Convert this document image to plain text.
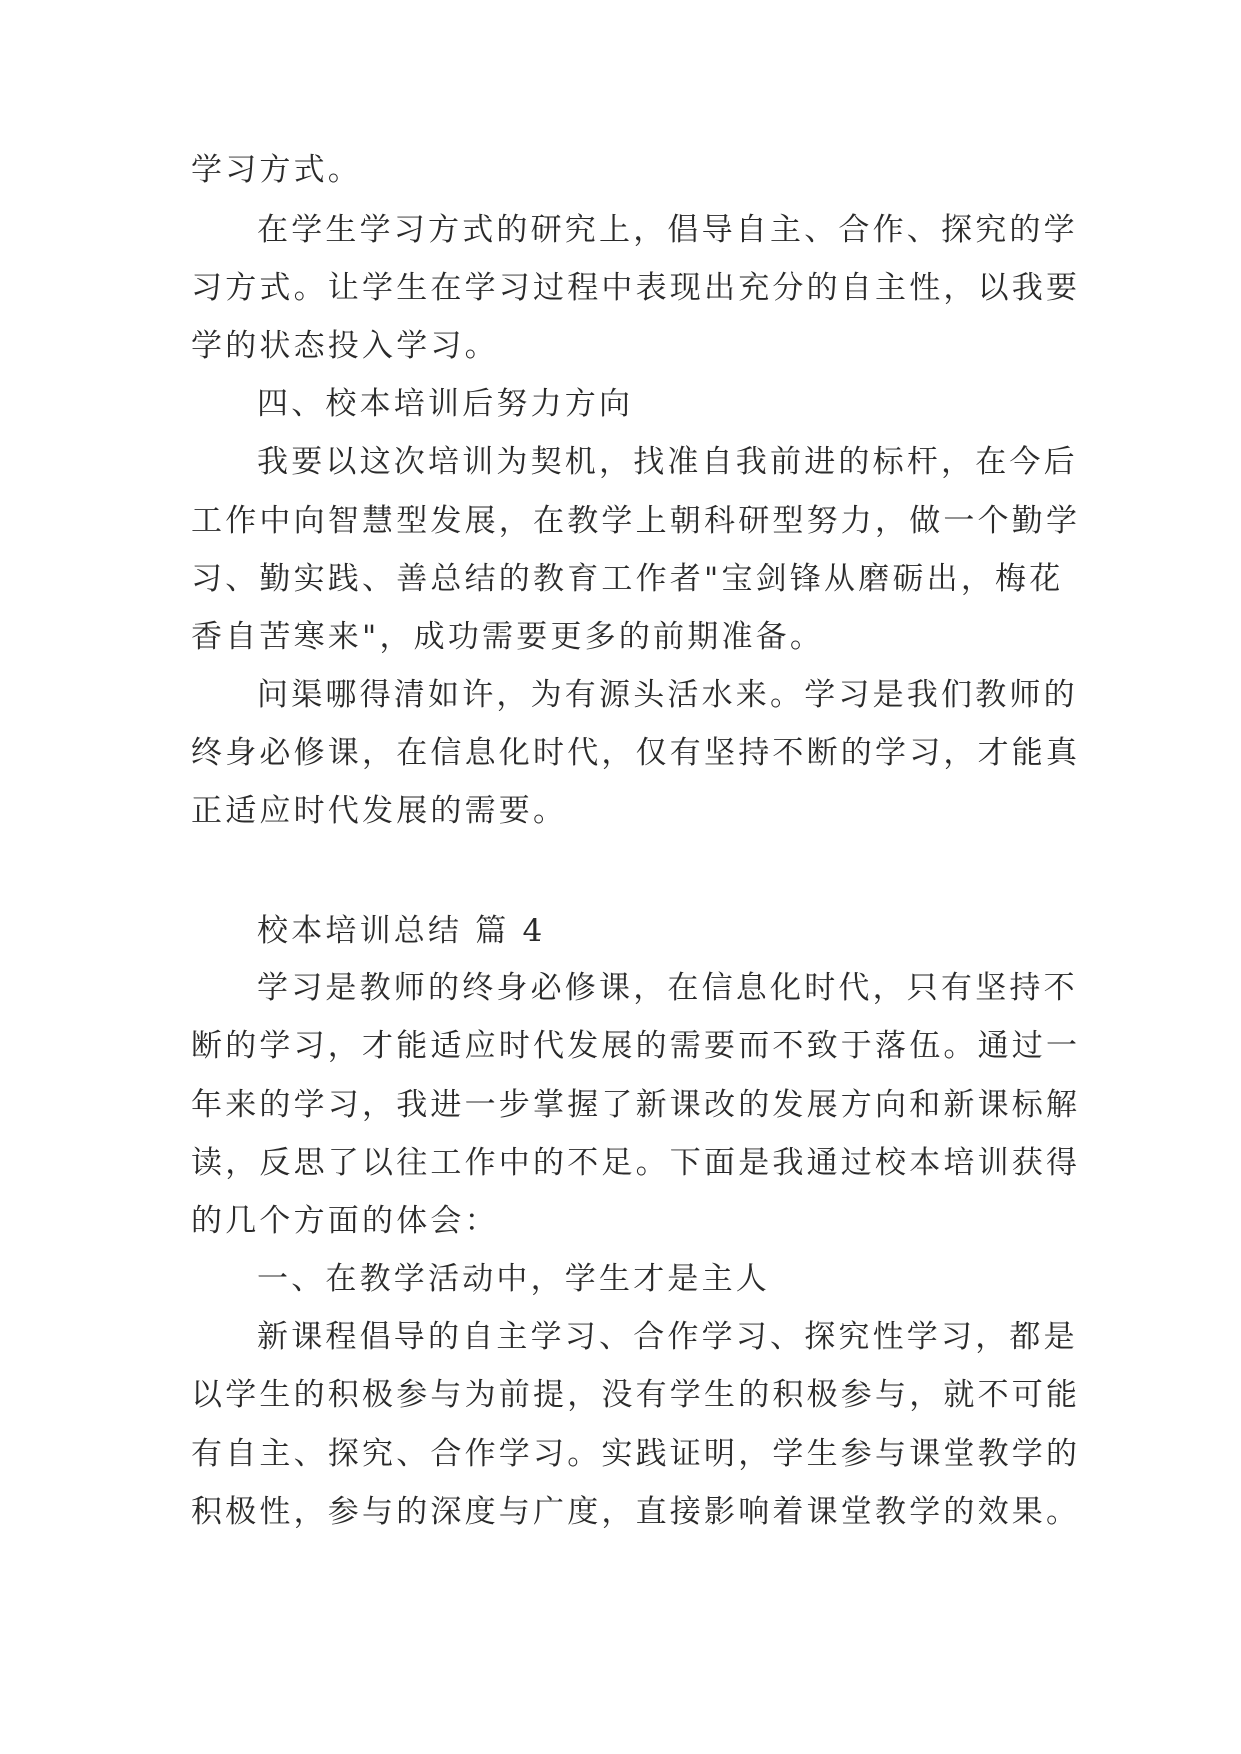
学习方式。
在学生学习方式的研究上，倡导自主、合作、探究的学
习方式。让学生在学习过程中表现出充分的自主性，以我要
学的状态投入学习。
四、校本培训后努力方向
我要以这次培训为契机，找准自我前进的标杆，在今后
工作中向智慧型发展，在教学上朝科研型努力，做一个勤学
习、勤实践、善总结的教育工作者"宝剑锋从磨砺出，梅花
香自苦寒来"，成功需要更多的前期准备。
问渠哪得清如许，为有源头活水来。学习是我们教师的
终身必修课，在信息化时代，仅有坚持不断的学习，才能真
正适应时代发展的需要。
校本培训总结 篇 4
学习是教师的终身必修课，在信息化时代，只有坚持不
断的学习，才能适应时代发展的需要而不致于落伍。通过一
年来的学习，我进一步掌握了新课改的发展方向和新课标解
读，反思了以往工作中的不足。下面是我通过校本培训获得
的几个方面的体会：
一、在教学活动中，学生才是主人
新课程倡导的自主学习、合作学习、探究性学习，都是
以学生的积极参与为前提，没有学生的积极参与，就不可能
有自主、探究、合作学习。实践证明，学生参与课堂教学的
积极性，参与的深度与广度，直接影响着课堂教学的效果。
